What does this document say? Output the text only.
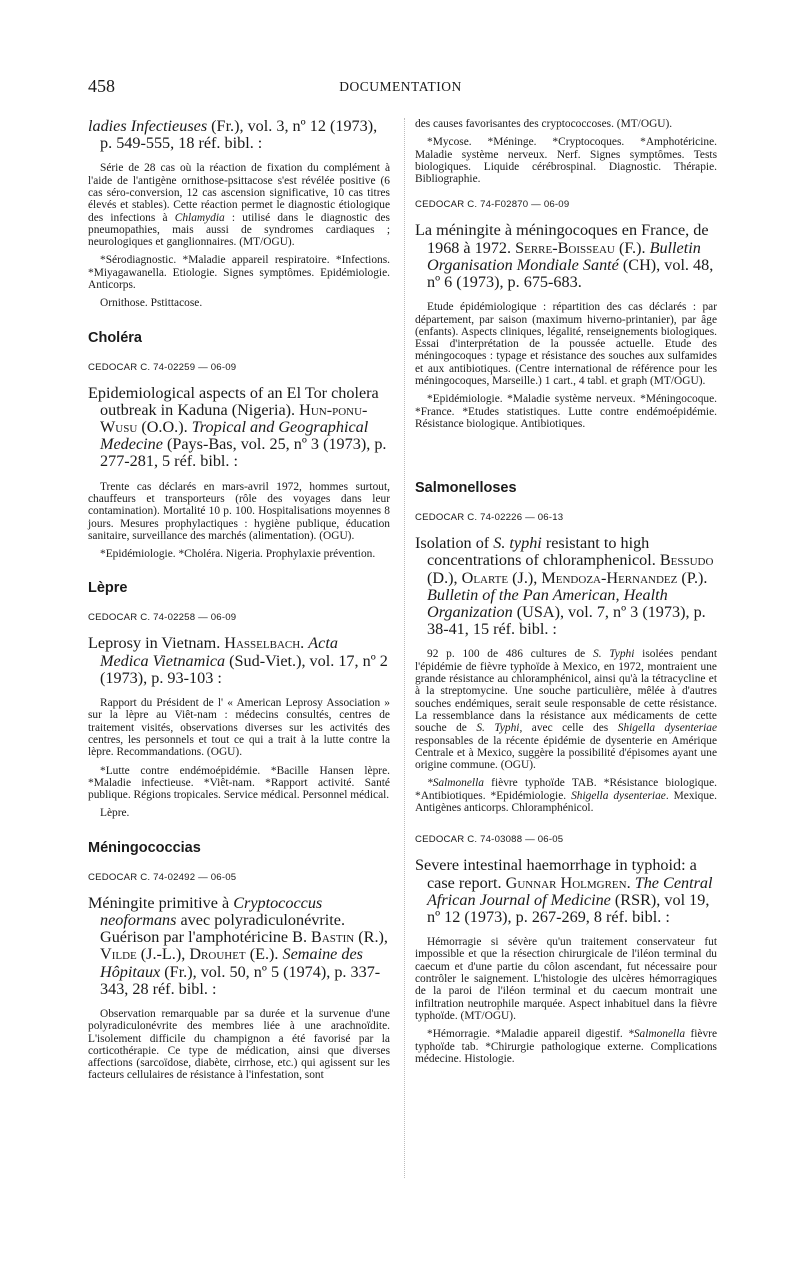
458	DOCUMENTATION

ladies Infectieuses (Fr.), vol. 3, nº 12 (1973), p. 549-555, 18 réf. bibl. :

Série de 28 cas où la réaction de fixation du complément à l'aide de l'antigène ornithose-psittacose s'est révélée positive (6 cas séro-conversion, 12 cas ascension significative, 10 cas titres élevés et stables). Cette réaction permet le diagnostic étiologique des infections à Chlamydia : utilisé dans le diagnostic des pneumopathies, mais aussi de syndromes cardiaques ; neurologiques et ganglionnaires. (MT/OGU).

*Sérodiagnostic. *Maladie appareil respiratoire. *Infections. *Miyagawanella. Etiologie. Signes symptômes. Epidémiologie. Anticorps.

Ornithose. Pstittacose.

Choléra
CEDOCAR C. 74-02259 — 06-09

Epidemiological aspects of an El Tor cholera outbreak in Kaduna (Nigeria). Hun-ponu-Wusu (O.O.). Tropical and Geographical Medecine (Pays-Bas, vol. 25, nº 3 (1973), p. 277-281, 5 réf. bibl. :

Trente cas déclarés en mars-avril 1972, hommes surtout, chauffeurs et transporteurs (rôle des voyages dans leur contamination). Mortalité 10 p. 100. Hospitalisations moyennes 8 jours. Mesures prophylactiques : hygiène publique, éducation sanitaire, surveillance des marchés (alimentation). (OGU).

*Epidémiologie. *Choléra. Nigeria. Prophylaxie prévention.

Lèpre
CEDOCAR C. 74-02258 — 06-09

Leprosy in Vietnam. Hasselbach. Acta Medica Vietnamica (Sud-Viet.), vol. 17, nº 2 (1973), p. 93-103 :

Rapport du Président de l' « American Leprosy Association » sur la lèpre au Viêt-nam : médecins consultés, centres de traitement visités, observations diverses sur les activités des centres, les personnels et tout ce qui a trait à la lutte contre la lèpre. Recommandations. (OGU).

*Lutte contre endémoépidémie. *Bacille Hansen lèpre. *Maladie infectieuse. *Viêt-nam. *Rapport activité. Santé publique. Régions tropicales. Service médical. Personnel médical.

Lèpre.

Méningococcias
CEDOCAR C. 74-02492 — 06-05

Méningite primitive à Cryptococcus neoformans avec polyradiculonévrite. Guérison par l'amphotéricine B. Bastin (R.), Vilde (J.-L.), Drouhet (E.). Semaine des Hôpitaux (Fr.), vol. 50, nº 5 (1974), p. 337-343, 28 réf. bibl. :

Observation remarquable par sa durée et la survenue d'une polyradiculonévrite des membres liée à une arachnoïdite. L'isolement difficile du champignon a été favorisé par la corticothérapie. Ce type de médication, ainsi que diverses affections (sarcoïdose, diabète, cirrhose, etc.) qui agissent sur les facteurs cellulaires de résistance à l'infestation, sont

des causes favorisantes des cryptococcoses. (MT/OGU).

*Mycose. *Méninge. *Cryptocoques. *Amphotéricine. Maladie système nerveux. Nerf. Signes symptômes. Tests biologiques. Liquide cérébrospinal. Diagnostic. Thérapie. Bibliographie.

CEDOCAR C. 74-F02870 — 06-09

La méningite à méningocoques en France, de 1968 à 1972. Serre-Boisseau (F.). Bulletin Organisation Mondiale Santé (CH), vol. 48, nº 6 (1973), p. 675-683.

Etude épidémiologique : répartition des cas déclarés : par département, par saison (maximum hiverno-printanier), par âge (enfants). Aspects cliniques, légalité, renseignements biologiques. Essai d'interprétation de la poussée actuelle. Etude des méningocoques : typage et résistance des souches aux sulfamides et aux antibiotiques. (Centre international de référence pour les méningocoques, Marseille.) 1 cart., 4 tabl. et graph (MT/OGU).

*Epidémiologie. *Maladie système nerveux. *Méningocoque. *France. *Etudes statistiques. Lutte contre endémoépidémie. Résistance biologique. Antibiotiques.

Salmonelloses
CEDOCAR C. 74-02226 — 06-13

Isolation of S. typhi resistant to high concentrations of chloramphenicol. Bessudo (D.), Olarte (J.), Mendoza-Hernandez (P.). Bulletin of the Pan American, Health Organization (USA), vol. 7, nº 3 (1973), p. 38-41, 15 réf. bibl. :

92 p. 100 de 486 cultures de S. Typhi isolées pendant l'épidémie de fièvre typhoïde à Mexico, en 1972, montraient une grande résistance au chloramphénicol, ainsi qu'à la tétracycline et à la streptomycine. Une souche particulière, mêlée à d'autres souches endémiques, serait seule responsable de cette résistance. La ressemblance dans la résistance aux médicaments de cette souche de S. Typhi, avec celle des Shigella dysenteriae responsables de la récente épidémie de dysenterie en Amérique Centrale et à Mexico, suggère la possibilité d'épisomes ayant une origine commune. (OGU).

*Salmonella fièvre typhoïde TAB. *Résistance biologique. *Antibiotiques. *Epidémiologie. Shigella dysenteriae. Mexique. Antigènes anticorps. Chloramphénicol.

CEDOCAR C. 74-03088 — 06-05

Severe intestinal haemorrhage in typhoid: a case report. Gunnar Holmgren. The Central African Journal of Medicine (RSR), vol 19, nº 12 (1973), p. 267-269, 8 réf. bibl. :

Hémorragie si sévère qu'un traitement conservateur fut impossible et que la résection chirurgicale de l'iléon terminal du caecum et d'une partie du côlon ascendant, fut nécessaire pour contrôler le saignement. L'histologie des ulcères hémorragiques de la paroi de l'iléon terminal et du caecum montrait une infiltration neutrophile marquée. Aspect inhabituel dans la fièvre typhoïde. (MT/OGU).

*Hémorragie. *Maladie appareil digestif. *Salmonella fièvre typhoïde tab. *Chirurgie pathologique externe. Complications médecine. Histologie.
